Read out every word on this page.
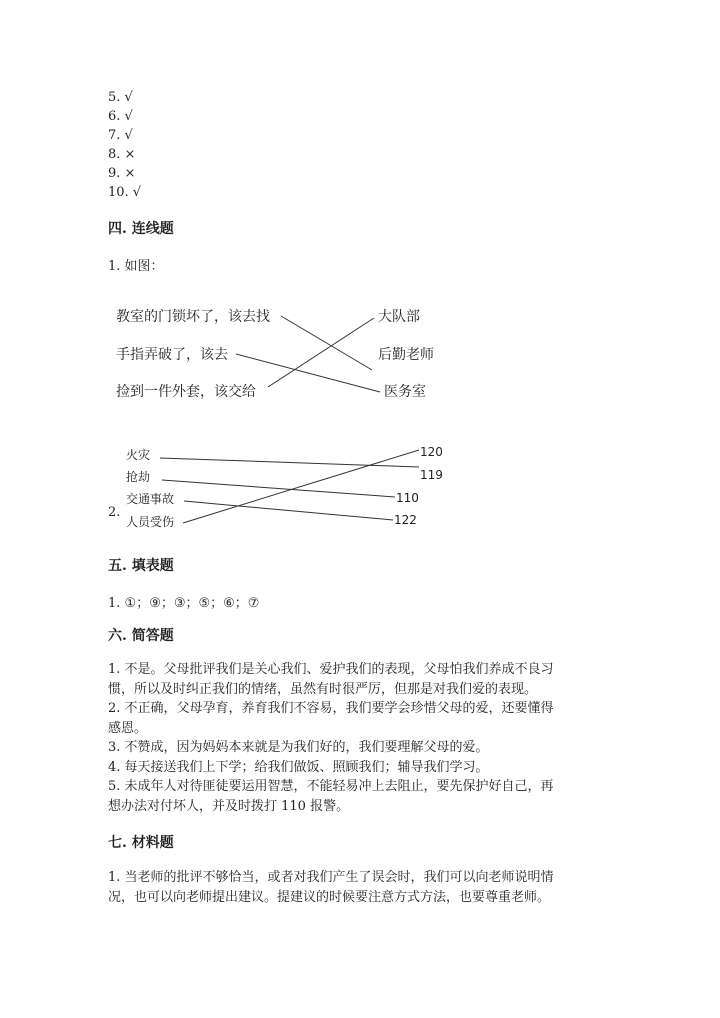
5. √
6. √
7. √
8. ×
9. ×
10. √
四. 连线题
1. 如图：
教室的门锁坏了，该去找
手指弄破了，该去
捡到一件外套，该交给
大队部
后勤老师
医务室
火灾
抢劫
交通事故
人员受伤
2.
120
119
110
122
五. 填表题
1. ①；⑨；③；⑤；⑥；⑦
六. 简答题
1. 不是。父母批评我们是关心我们、爱护我们的表现，父母怕我们养成不良习
惯，所以及时纠正我们的情绪，虽然有时很严厉，但那是对我们爱的表现。
2. 不正确，父母孕育，养育我们不容易，我们要学会珍惜父母的爱，还要懂得
感恩。
3. 不赞成，因为妈妈本来就是为我们好的，我们要理解父母的爱。
4. 每天接送我们上下学；给我们做饭、照顾我们；辅导我们学习。
5. 未成年人对待匪徒要运用智慧，不能轻易冲上去阻止，要先保护好自己，再
想办法对付坏人，并及时拨打 110 报警。
七. 材料题
1. 当老师的批评不够恰当，或者对我们产生了误会时，我们可以向老师说明情
况，也可以向老师提出建议。提建议的时候要注意方式方法，也要尊重老师。
